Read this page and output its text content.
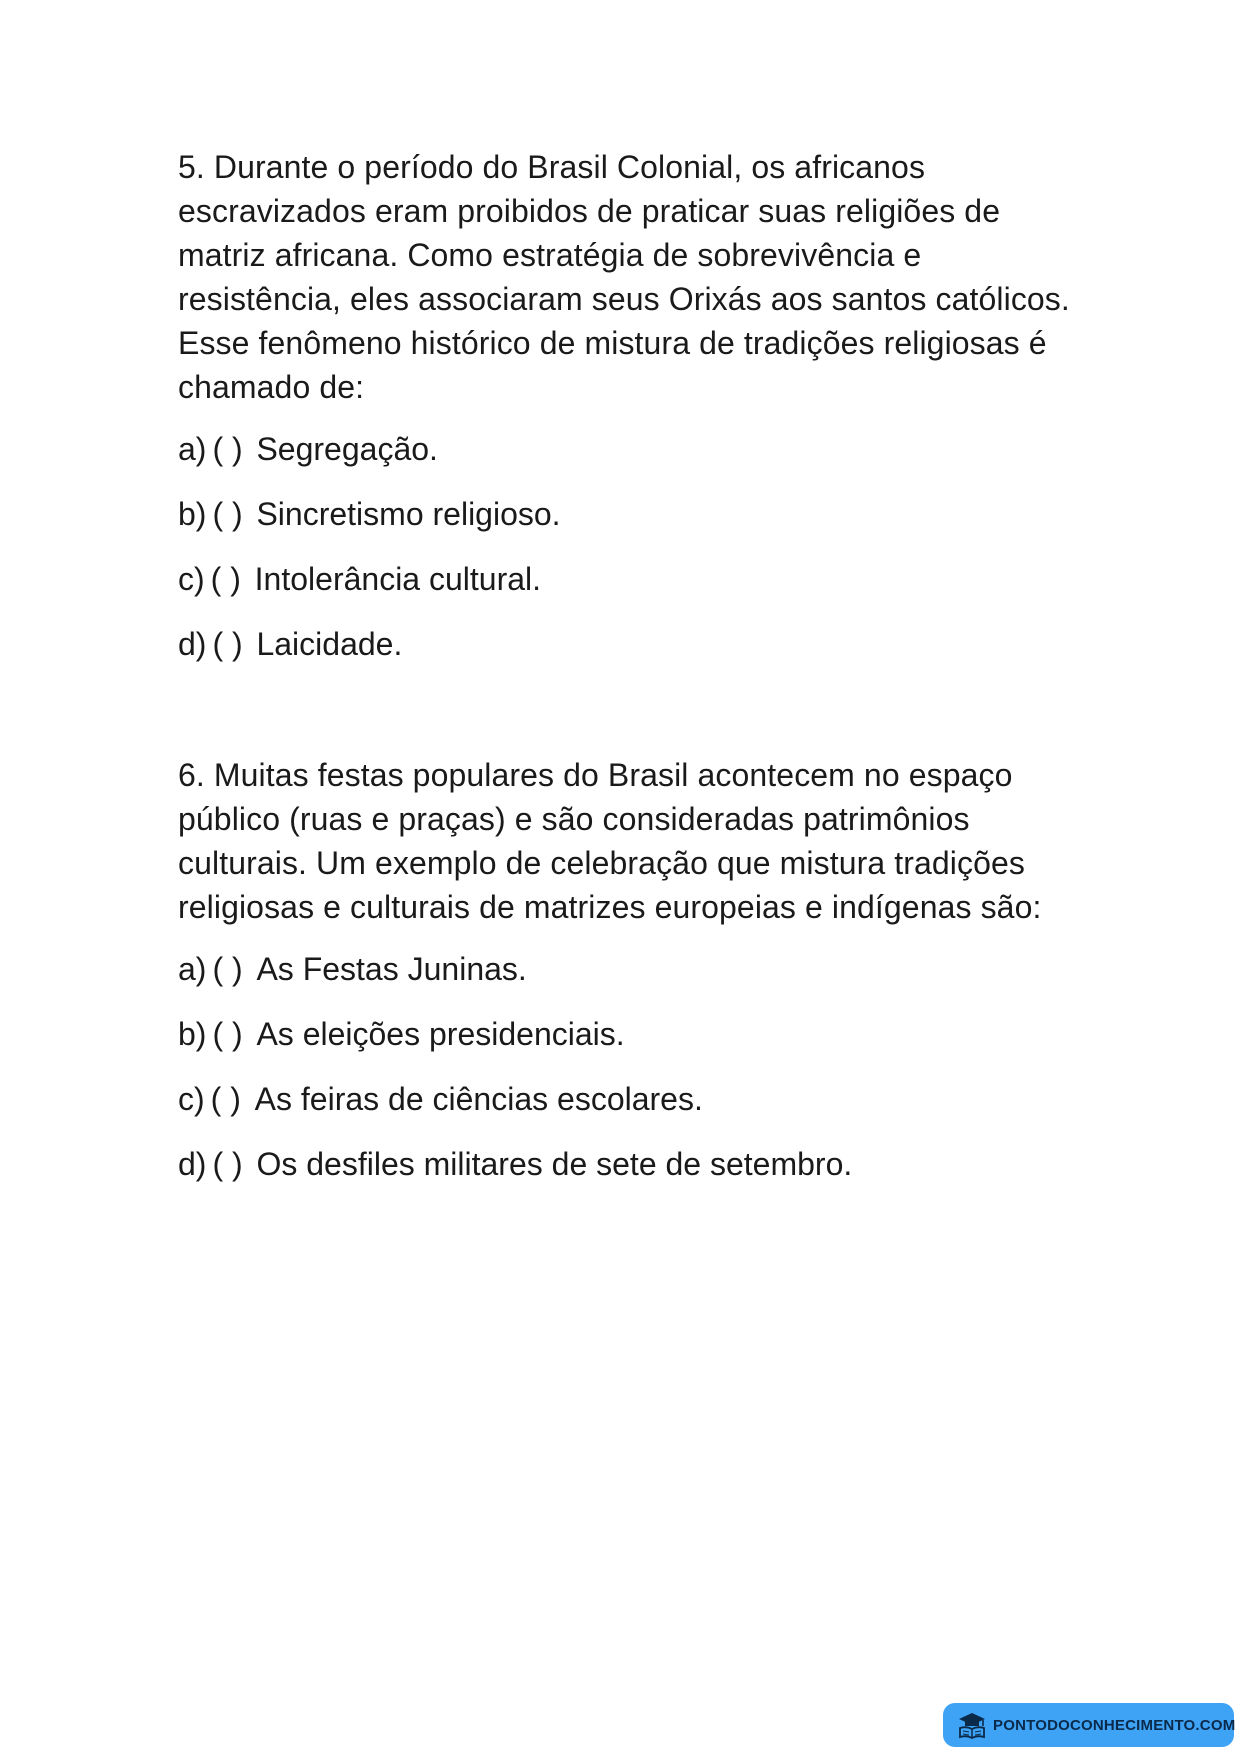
5. Durante o período do Brasil Colonial, os africanos escravizados eram proibidos de praticar suas religiões de matriz africana. Como estratégia de sobrevivência e resistência, eles associaram seus Orixás aos santos católicos. Esse fenômeno histórico de mistura de tradições religiosas é chamado de:

a) ( ) Segregação.
b) ( ) Sincretismo religioso.
c) ( ) Intolerância cultural.
d) ( ) Laicidade.

6. Muitas festas populares do Brasil acontecem no espaço público (ruas e praças) e são consideradas patrimônios culturais. Um exemplo de celebração que mistura tradições religiosas e culturais de matrizes europeias e indígenas são:

a) ( ) As Festas Juninas.
b) ( ) As eleições presidenciais.
c) ( ) As feiras de ciências escolares.
d) ( ) Os desfiles militares de sete de setembro.
PONTODOCONHECIMENTO.COM
